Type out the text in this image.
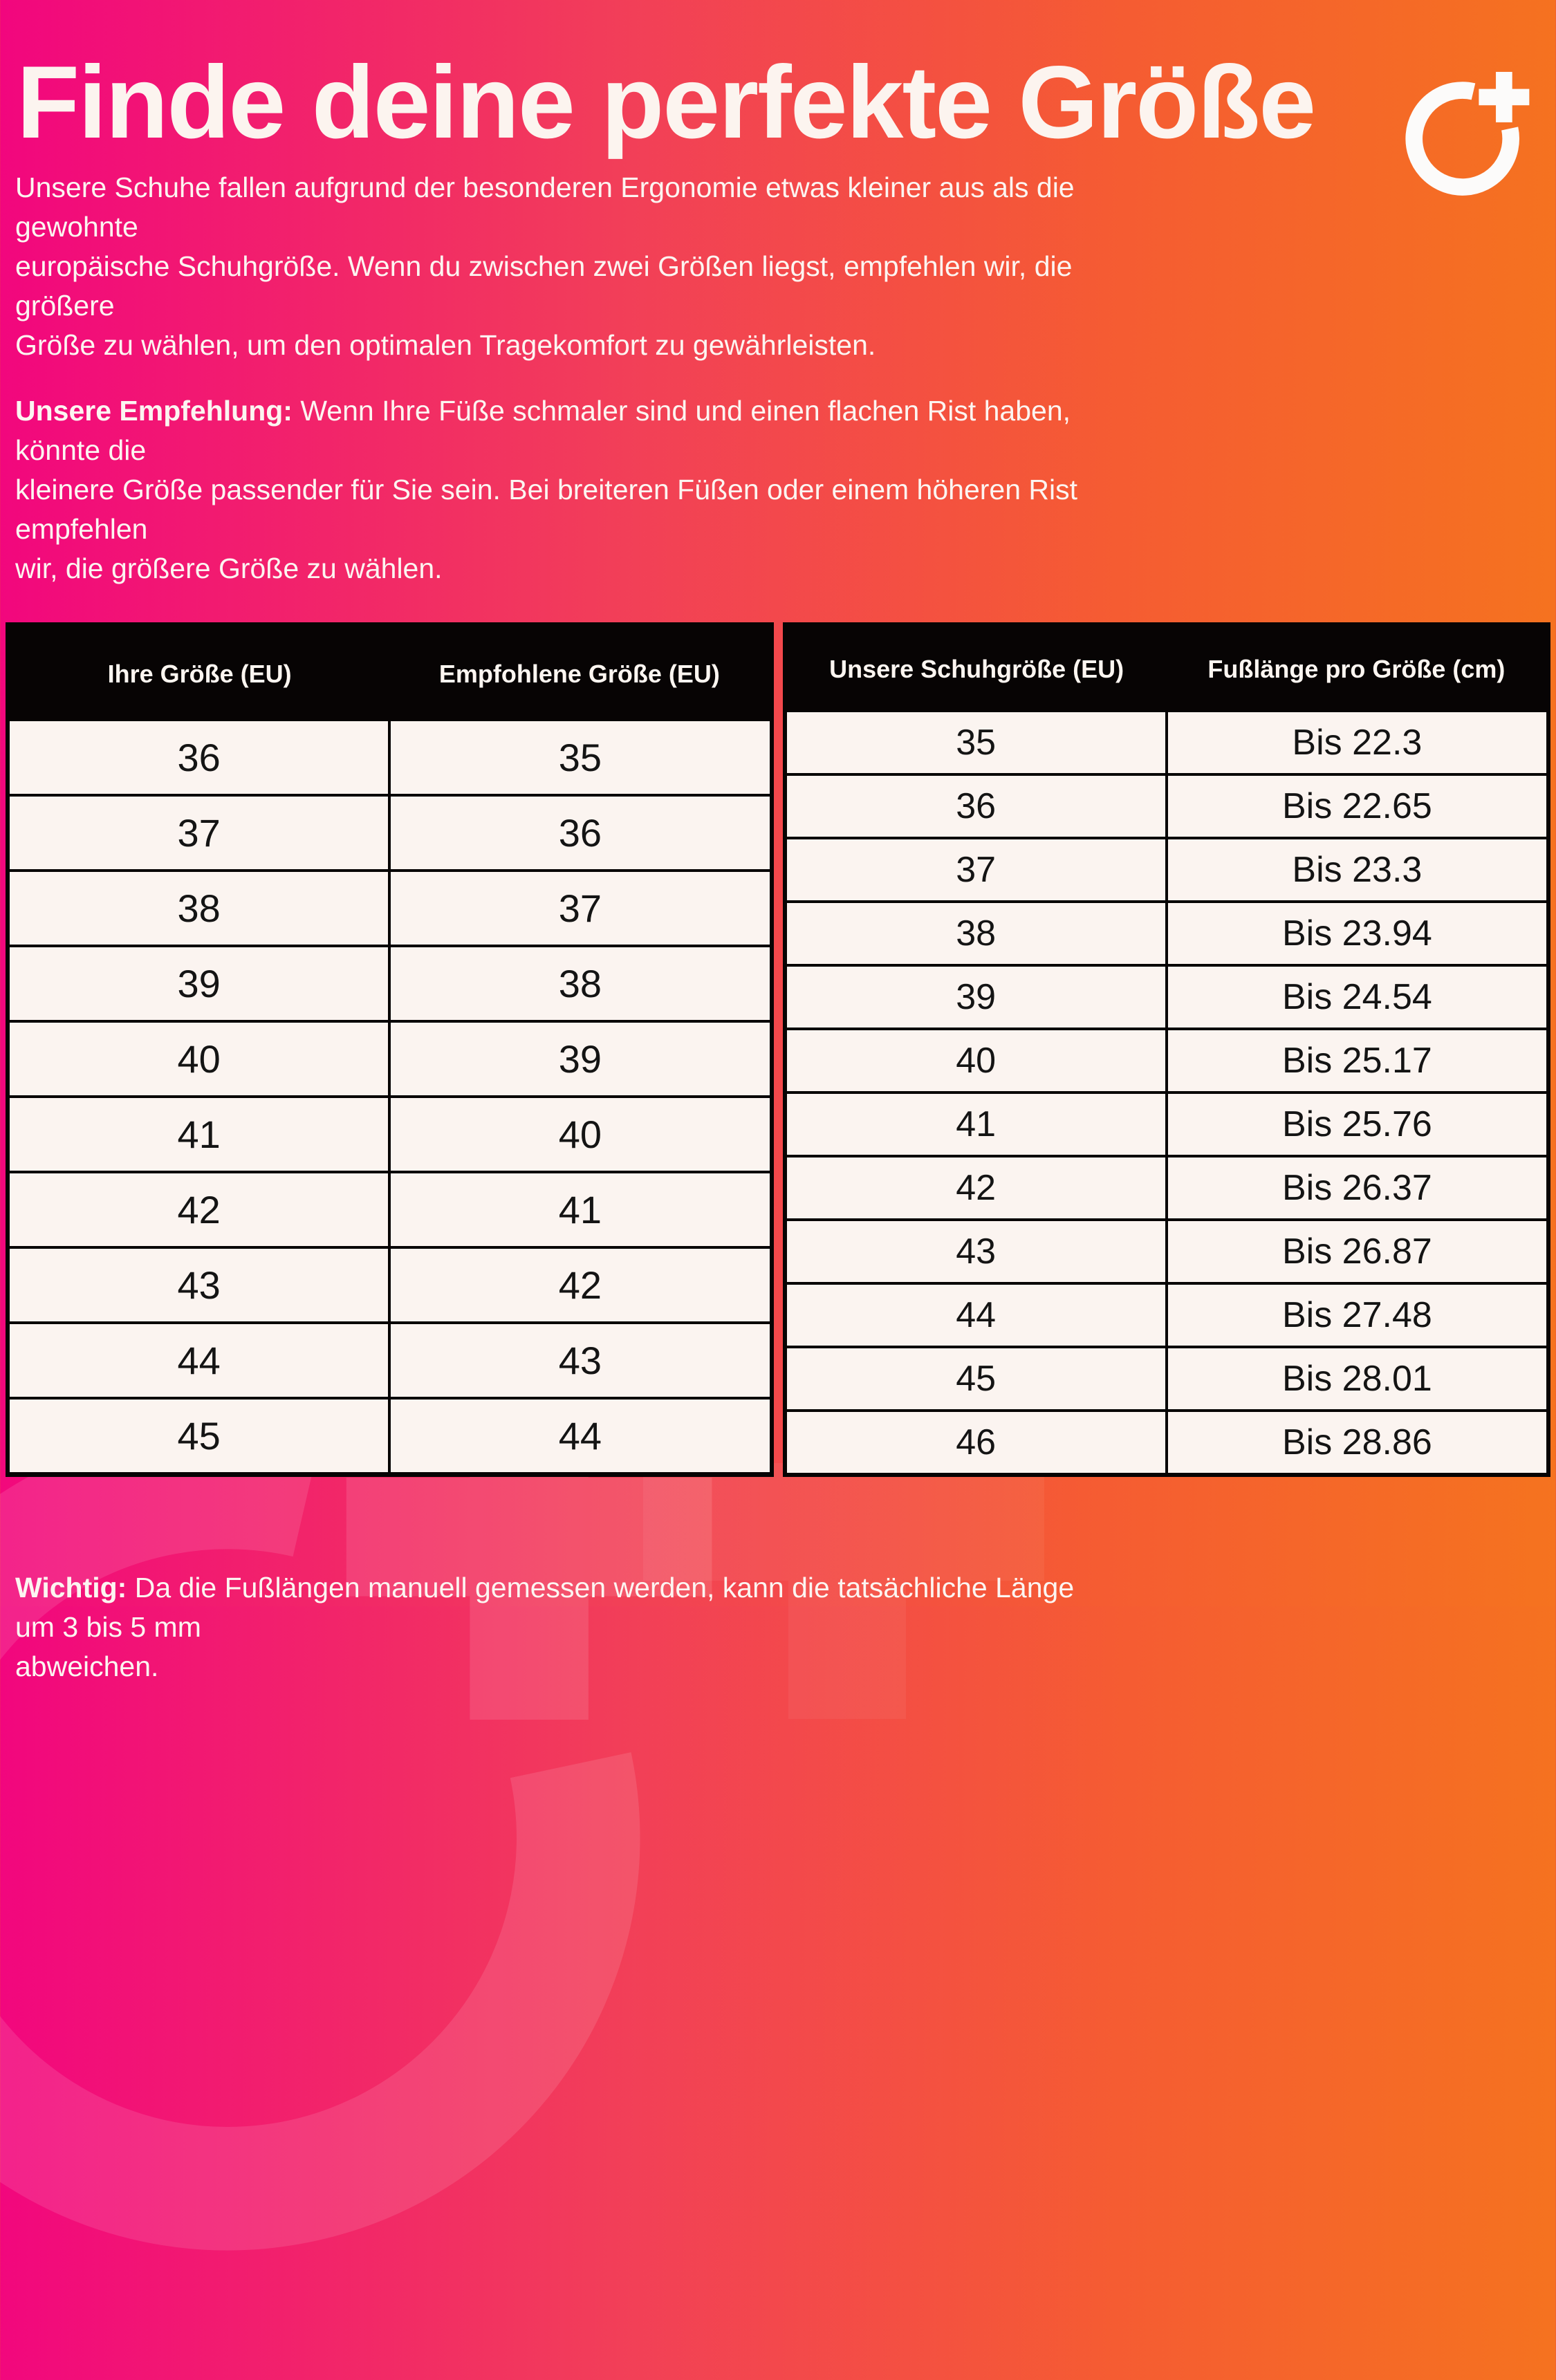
Finde deine perfekte Größe

Unsere Schuhe fallen aufgrund der besonderen Ergonomie etwas kleiner aus als die gewohnte
europäische Schuhgröße. Wenn du zwischen zwei Größen liegst, empfehlen wir, die größere
Größe zu wählen, um den optimalen Tragekomfort zu gewährleisten.

Unsere Empfehlung: Wenn Ihre Füße schmaler sind und einen flachen Rist haben, könnte die
kleinere Größe passender für Sie sein. Bei breiteren Füßen oder einem höheren Rist empfehlen
wir, die größere Größe zu wählen.

Ihre Größe (EU)	Empfohlene Größe (EU)
36	35
37	36
38	37
39	38
40	39
41	40
42	41
43	42
44	43
45	44
Unsere Schuhgröße (EU)	Fußlänge pro Größe (cm)
35	Bis 22.3
36	Bis 22.65
37	Bis 23.3
38	Bis 23.94
39	Bis 24.54
40	Bis 25.17
41	Bis 25.76
42	Bis 26.37
43	Bis 26.87
44	Bis 27.48
45	Bis 28.01
46	Bis 28.86

Wichtig: Da die Fußlängen manuell gemessen werden, kann die tatsächliche Länge um 3 bis 5 mm
abweichen.
